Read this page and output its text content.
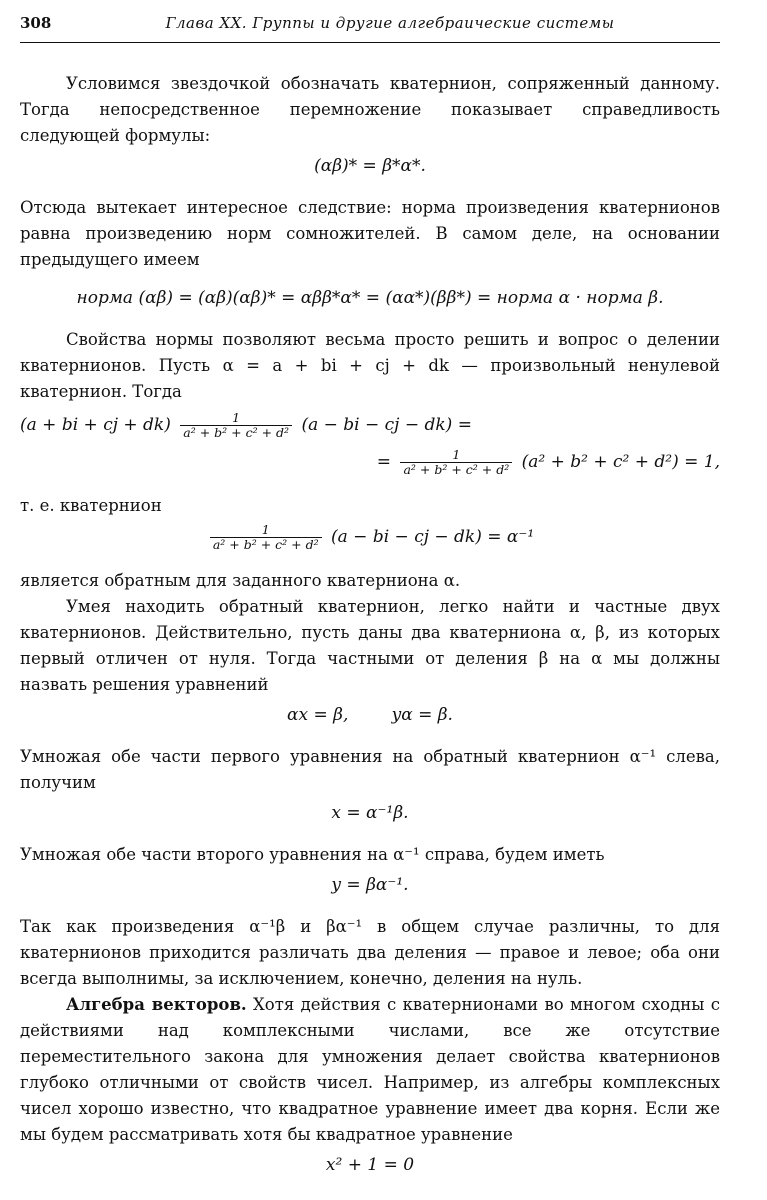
308	Глава XX. Группы и другие алгебраические системы

Условимся звездочкой обозначать кватернион, сопряженный данному. Тогда непосредственное перемножение показывает справедливость следующей формулы:

(αβ)* = β*α*.

Отсюда вытекает интересное следствие: норма произведения кватернионов равна произведению норм сомножителей. В самом деле, на основании предыдущего имеем

норма (αβ) = (αβ)(αβ)* = αββ*α* = (αα*)(ββ*) = норма α · норма β.

Свойства нормы позволяют весьма просто решить и вопрос о делении кватернионов. Пусть α = a + bi + cj + dk — произвольный ненулевой кватернион. Тогда

(a + bi + cj + $dk) \frac{1}{\text{a² + b² + c² + d²}} (a$ − bi − cj − dk) =
= $\frac{1}{\text{a² + b² + c² + d²}} (a^2 + b^2 + c^2 + d^2) = 1$,

т. е. кватернион

$\frac{1}{\text{a² + b² + c² + d²}} (a$ − bi − cj − dk) = α⁻¹

является обратным для заданного кватерниона α.

Умея находить обратный кватернион, легко найти и частные двух кватернионов. Действительно, пусть даны два кватерниона α, β, из которых первый отличен от нуля. Тогда частными от деления β на α мы должны назвать решения уравнений

αx = β,        yα = β.

Умножая обе части первого уравнения на обратный кватернион α⁻¹ слева, получим

x = α⁻¹β.

Умножая обе части второго уравнения на α⁻¹ справа, будем иметь

y = βα⁻¹.

Так как произведения α⁻¹β и βα⁻¹ в общем случае различны, то для кватернионов приходится различать два деления — правое и левое; оба они всегда выполнимы, за исключением, конечно, деления на нуль.

Алгебра векторов. Хотя действия с кватернионами во многом сходны с действиями над комплексными числами, все же отсутствие переместительного закона для умножения делает свойства кватернионов глубоко отличными от свойств чисел. Например, из алгебры комплексных чисел хорошо известно, что квадратное уравнение имеет два корня. Если же мы будем рассматривать хотя бы квадратное уравнение

x² + 1 = 0
